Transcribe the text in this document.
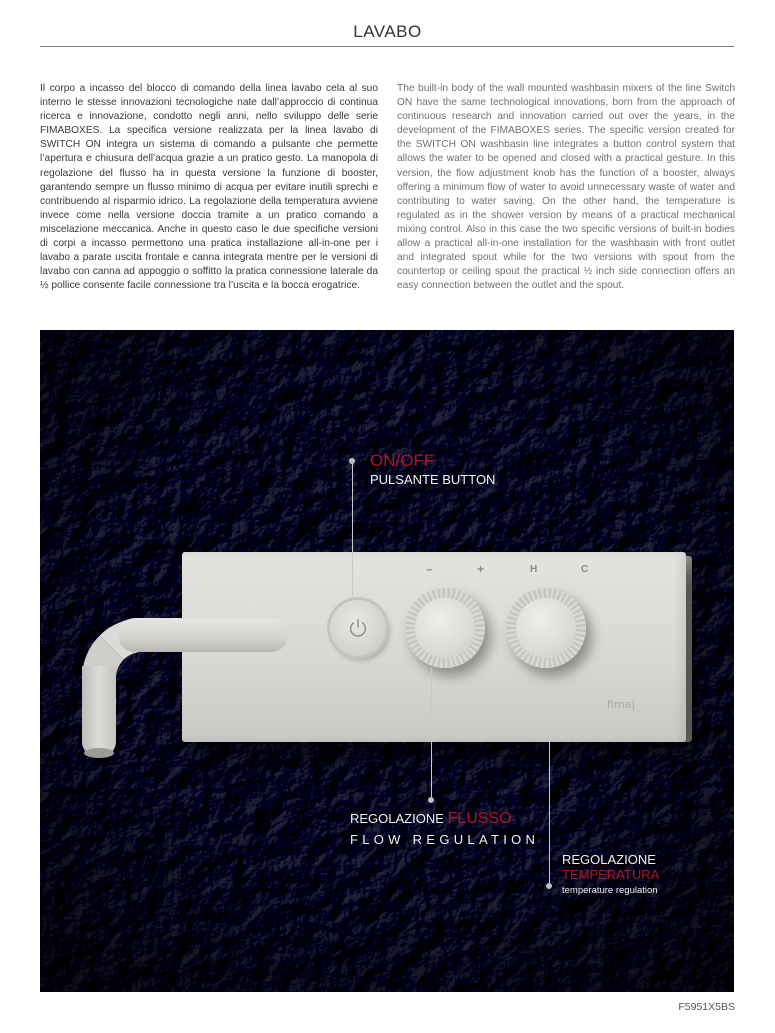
LAVABO
Il corpo a incasso del blocco di comando della linea lavabo cela al suo interno le stesse innovazioni tecnologiche nate dall’approccio di continua ricerca e innovazione, condotto negli anni, nello sviluppo delle serie FIMABOXES. La specifica versione realizzata per la linea lavabo di SWITCH ON integra un sistema di comando a pulsante che permette l’apertura e chiusura dell’acqua grazie a un pratico gesto. La manopola di regolazione del flusso ha in questa versione la funzione di booster, garantendo sempre un flusso minimo di acqua per evitare inutili sprechi e contribuendo al risparmio idrico. La regolazione della temperatura avviene invece come nella versione doccia tramite a un pratico comando a miscelazione meccanica. Anche in questo caso le due specifiche versioni di corpi a incasso permettono una pratica installazione all-in-one per i lavabo a parate uscita frontale e canna integrata mentre per le versioni di lavabo con canna ad appoggio o soffitto la pratica connessione laterale da ½ pollice consente facile connessione tra l’uscita e la bocca erogatrice.
The built-in body of the wall mounted washbasin mixers of the line Switch ON have the same technological innovations, born from the approach of continuous research and innovation carried out over the years, in the development of the FIMABOXES series. The specific version created for the SWITCH ON washbasin line integrates a button control system that allows the water to be opened and closed with a practical gesture. In this version, the flow adjustment knob has the function of a booster, always offering a minimum flow of water to avoid unnecessary waste of water and contributing to water saving. On the other hand, the temperature is regulated as in the shower version by means of a practical mechanical mixing control. Also in this case the two specific versions of built-in bodies allow a practical all-in-one installation for the washbasin with front outlet and integrated spout while for the two versions with spout from the countertop or ceiling spout the practical ½ inch side connection offers an easy connection between the outlet and the spout.
–	+	H	C
fima|
ON/OFF
PULSANTE BUTTON
REGOLAZIONE FLUSSO
FLOW REGULATION
REGOLAZIONE
TEMPERATURA
temperature regulation
F5951X5BS
